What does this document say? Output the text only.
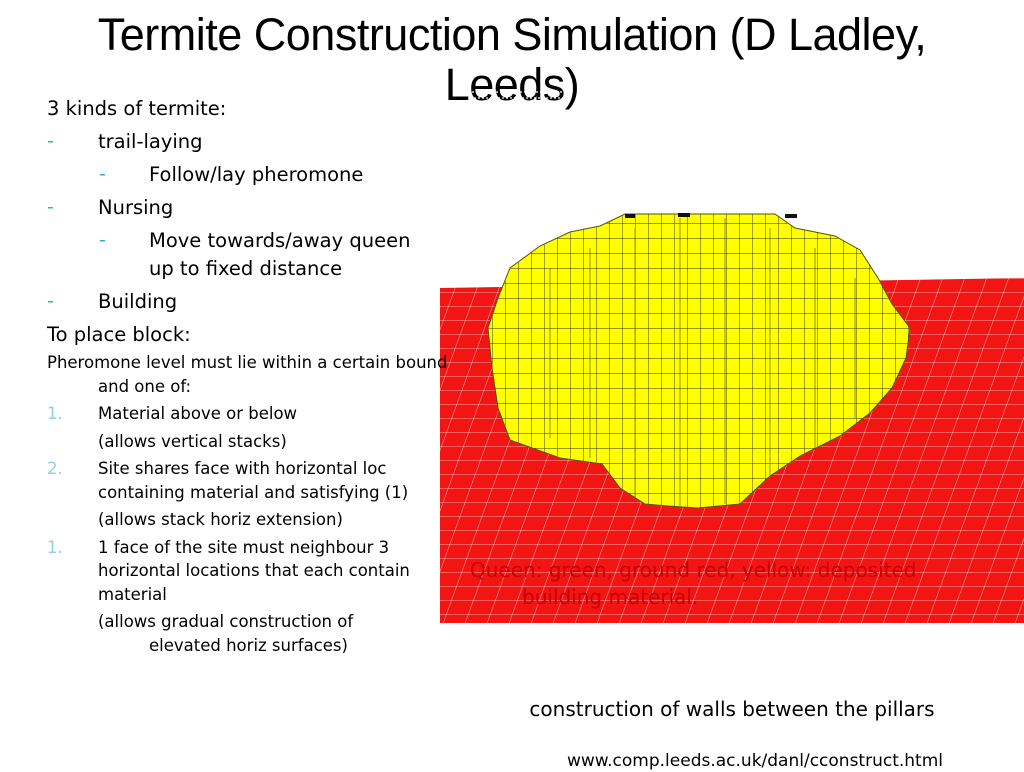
Termite Construction Simulation (D Ladley,
Leeds)
3 kinds of termite:
- trail-laying
- Follow/lay pheromone
- Nursing
- Move towards/away queen up to fixed distance
- Building
To place block:
Pheromone level must lie within a certain bound and one of:
1. Material above or below
(allows vertical stacks)
2. Site shares face with horizontal loc containing material and satisfying (1)
(allows stack horiz extension)
1. 1 face of the site must neighbour 3 horizontal locations that each contain material
(allows gradual construction of elevated horiz surfaces)
Queen: green, ground red, yellow: deposited
building material.
construction of walls between the pillars
www.comp.leeds.ac.uk/danl/cconstruct.html
